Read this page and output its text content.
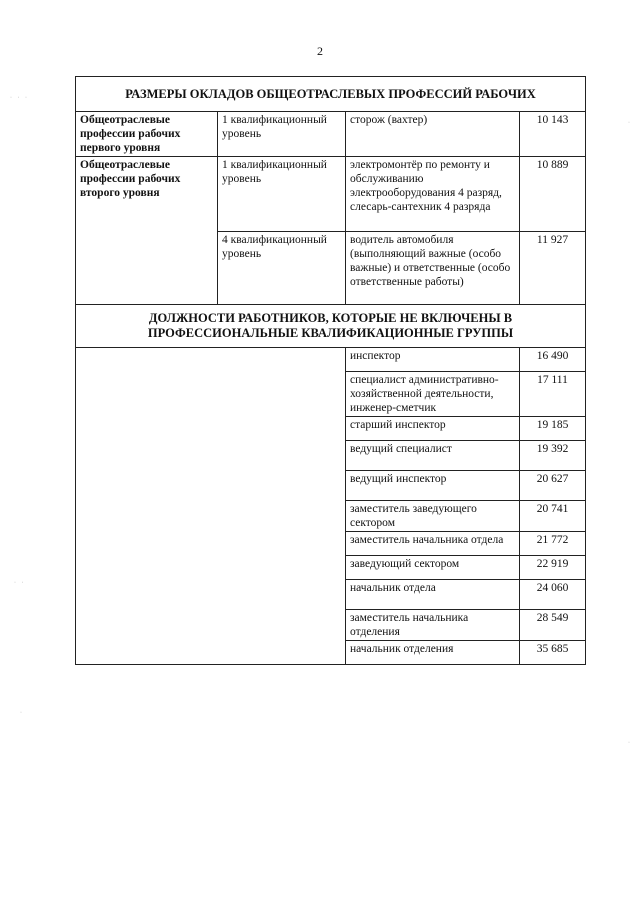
2
РАЗМЕРЫ ОКЛАДОВ ОБЩЕОТРАСЛЕВЫХ ПРОФЕССИЙ РАБОЧИХ			
Общеотраслевые профессии рабочих первого уровня	1 квалификационный уровень	сторож (вахтер)	10 143
Общеотраслевые профессии рабочих второго уровня	1 квалификационный уровень	электромонтёр по ремонту и обслуживанию электрооборудования 4 разряд, слесарь-сантехник 4 разряда	10 889
	4 квалификационный уровень	водитель автомобиля (выполняющий важные (особо важные) и ответственные (особо ответственные работы)	11 927
ДОЛЖНОСТИ РАБОТНИКОВ, КОТОРЫЕ НЕ ВКЛЮЧЕНЫ В ПРОФЕССИОНАЛЬНЫЕ КВАЛИФИКАЦИОННЫЕ ГРУППЫ			
		инспектор	16 490
		специалист административно-хозяйственной деятельности, инженер-сметчик	17 111
		старший инспектор	19 185
		ведущий специалист	19 392
		ведущий инспектор	20 627
		заместитель заведующего сектором	20 741
		заместитель начальника отдела	21 772
		заведующий сектором	22 919
		начальник отдела	24 060
		заместитель начальника отделения	28 549
		начальник отделения	35 685
· · ·
· ·
·
·
·
